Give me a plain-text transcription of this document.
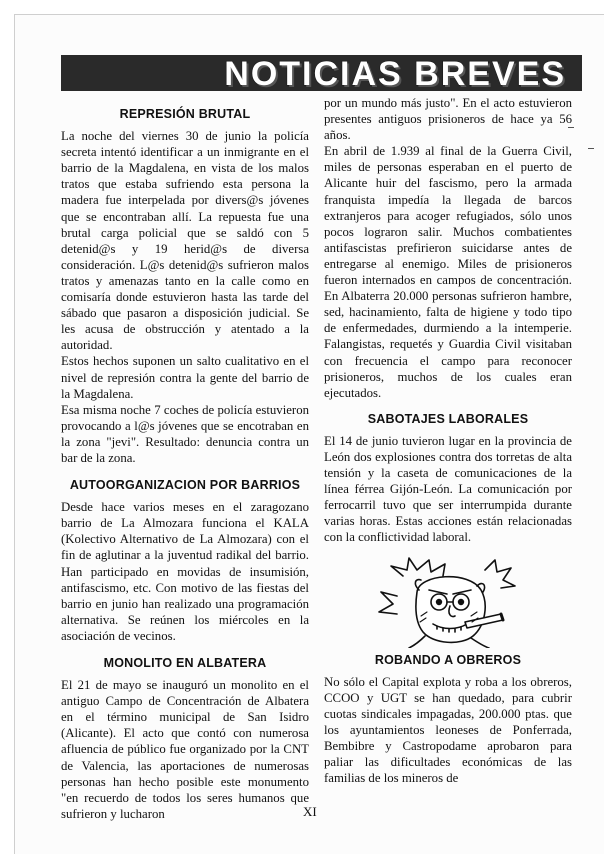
NOTICIAS BREVES
REPRESIÓN BRUTAL

La noche del viernes 30 de junio la policía secreta intentó identificar a un inmigrante en el barrio de la Magdalena, en vista de los malos tratos que estaba sufriendo esta persona la madera fue interpelada por divers@s jóvenes que se encontraban allí. La repuesta fue una brutal carga policial que se saldó con 5 detenid@s y 19 herid@s de diversa consideración. L@s detenid@s sufrieron malos tratos y amenazas tanto en la calle como en comisaría donde estuvieron hasta las tarde del sábado que pasaron a disposición judicial. Se les acusa de obstrucción y atentado a la autoridad.

Estos hechos suponen un salto cualitativo en el nivel de represión contra la gente del barrio de la Magdalena.

Esa misma noche 7 coches de policía estuvieron provocando a l@s jóvenes que se encotraban en la zona "jevi". Resultado: denuncia contra un bar de la zona.

AUTOORGANIZACION POR BARRIOS

Desde hace varios meses en el zaragozano barrio de La Almozara funciona el KALA (Kolectivo Alternativo de La Almozara) con el fin de aglutinar a la juventud radikal del barrio. Han participado en movidas de insumisión, antifascismo, etc. Con motivo de las fiestas del barrio en junio han realizado una programación alternativa. Se reúnen los miércoles en la asociación de vecinos.

MONOLITO EN ALBATERA

El 21 de mayo se inauguró un monolito en el antiguo Campo de Concentración de Albatera en el término municipal de San Isidro (Alicante). El acto que contó con numerosa afluencia de público fue organizado por la CNT de Valencia, las aportaciones de numerosas personas han hecho posible este monumento "en recuerdo de todos los seres humanos que sufrieron y lucharon

por un mundo más justo". En el acto estuvieron presentes antiguos prisioneros de hace ya 56 años.

En abril de 1.939 al final de la Guerra Civil, miles de personas esperaban en el puerto de Alicante huir del fascismo, pero la armada franquista impedía la llegada de barcos extranjeros para acoger refugiados, sólo unos pocos lograron salir. Muchos combatientes antifascistas prefirieron suicidarse antes de entregarse al enemigo. Miles de prisioneros fueron internados en campos de concentración. En Albaterra 20.000 personas sufrieron hambre, sed, hacinamiento, falta de higiene y todo tipo de enfermedades, durmiendo a la intemperie. Falangistas, requetés y Guardia Civil visitaban con frecuencia el campo para reconocer prisioneros, muchos de los cuales eran ejecutados.

SABOTAJES LABORALES

El 14 de junio tuvieron lugar en la provincia de León dos explosiones contra dos torretas de alta tensión y la caseta de comunicaciones de la línea férrea Gijón-León. La comunicación por ferrocarril tuvo que ser interrumpida durante varias horas. Estas acciones están relacionadas con la conflictividad laboral.

ROBANDO A OBREROS

No sólo el Capital explota y roba a los obreros, CCOO y UGT se han quedado, para cubrir cuotas sindicales impagadas, 200.000 ptas. que los ayuntamientos leoneses de Ponferrada, Bembibre y Castropodame aprobaron para paliar las dificultades económicas de las familias de los mineros de

XI
